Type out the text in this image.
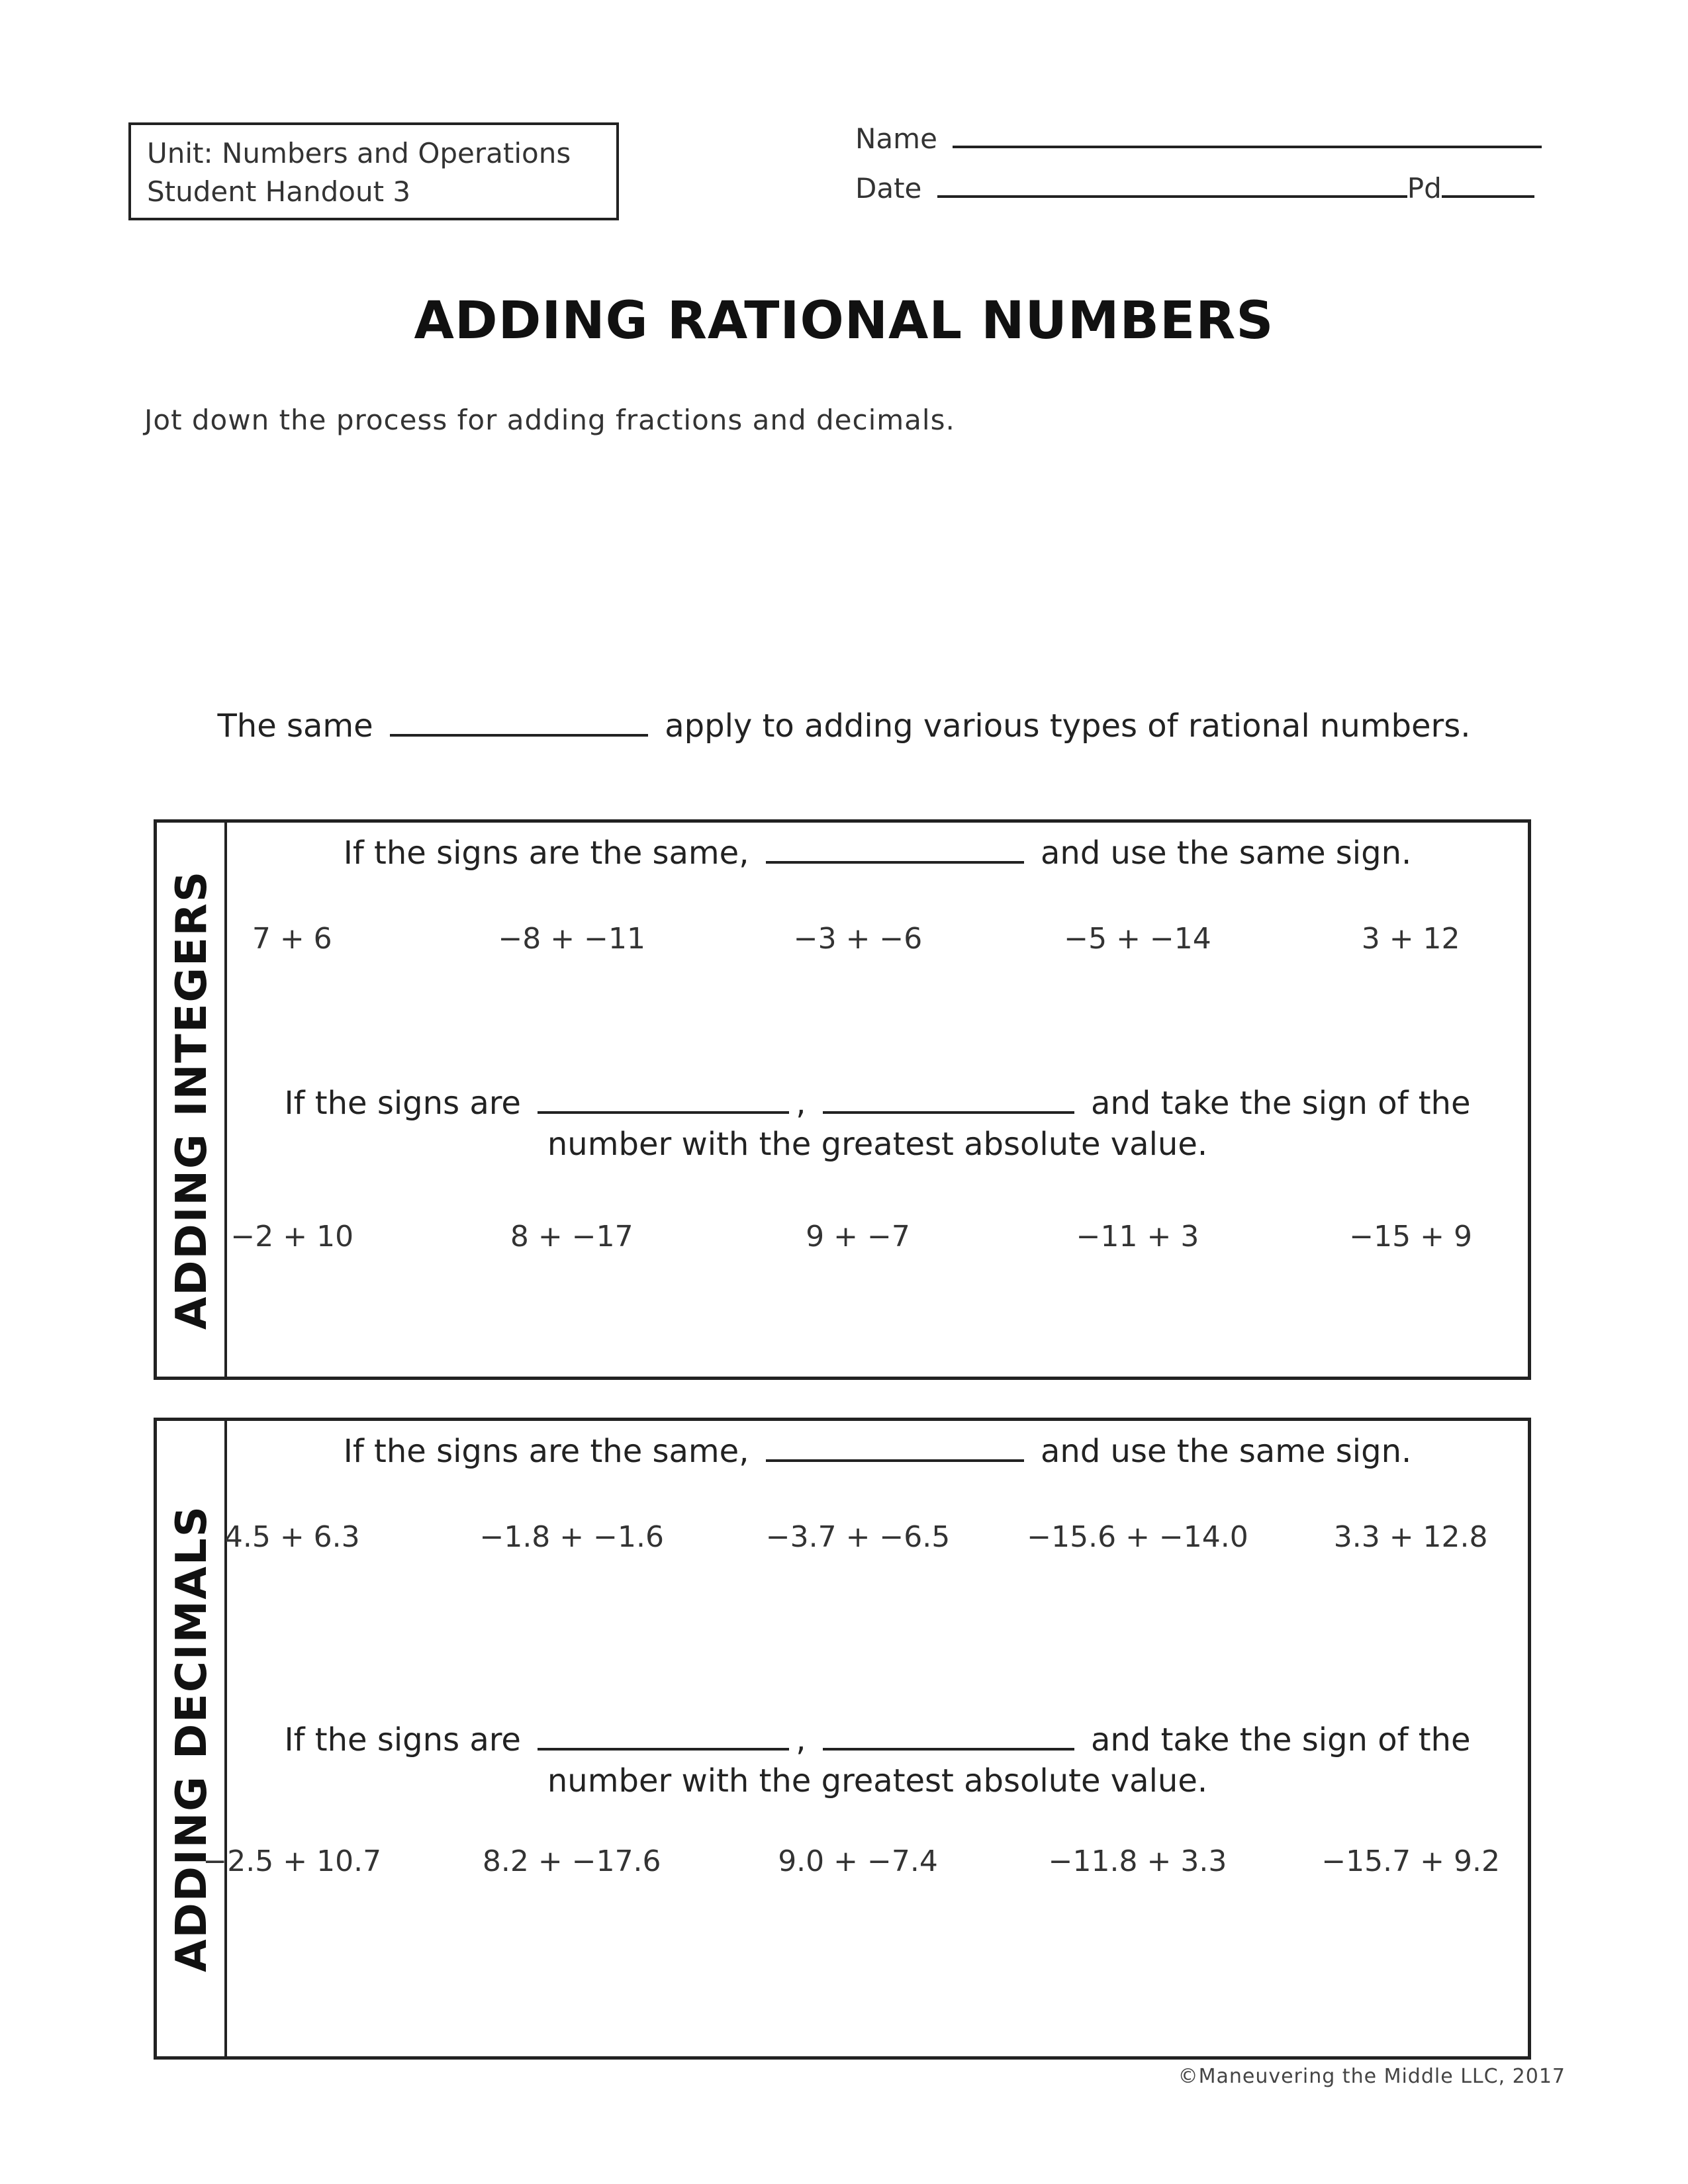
Unit: Numbers and Operations
Student Handout 3
Name
Date	Pd
ADDING RATIONAL NUMBERS
Jot down the process for adding fractions and decimals.
The same	apply to adding various types of rational numbers.
ADDING INTEGERS
If the signs are the same,	and use the same sign.
7 + 6	−8 + −11	−3 + −6	−5 + −14	3 + 12
If the signs are	,	and take the sign of the
number with the greatest absolute value.
−2 + 10	8 + −17	9 + −7	−11 + 3	−15 + 9
ADDING DECIMALS
If the signs are the same,	and use the same sign.
4.5 + 6.3	−1.8 + −1.6	−3.7 + −6.5	−15.6 + −14.0	3.3 + 12.8
If the signs are	,	and take the sign of the
number with the greatest absolute value.
−2.5 + 10.7	8.2 + −17.6	9.0 + −7.4	−11.8 + 3.3	−15.7 + 9.2
©Maneuvering the Middle LLC, 2017
